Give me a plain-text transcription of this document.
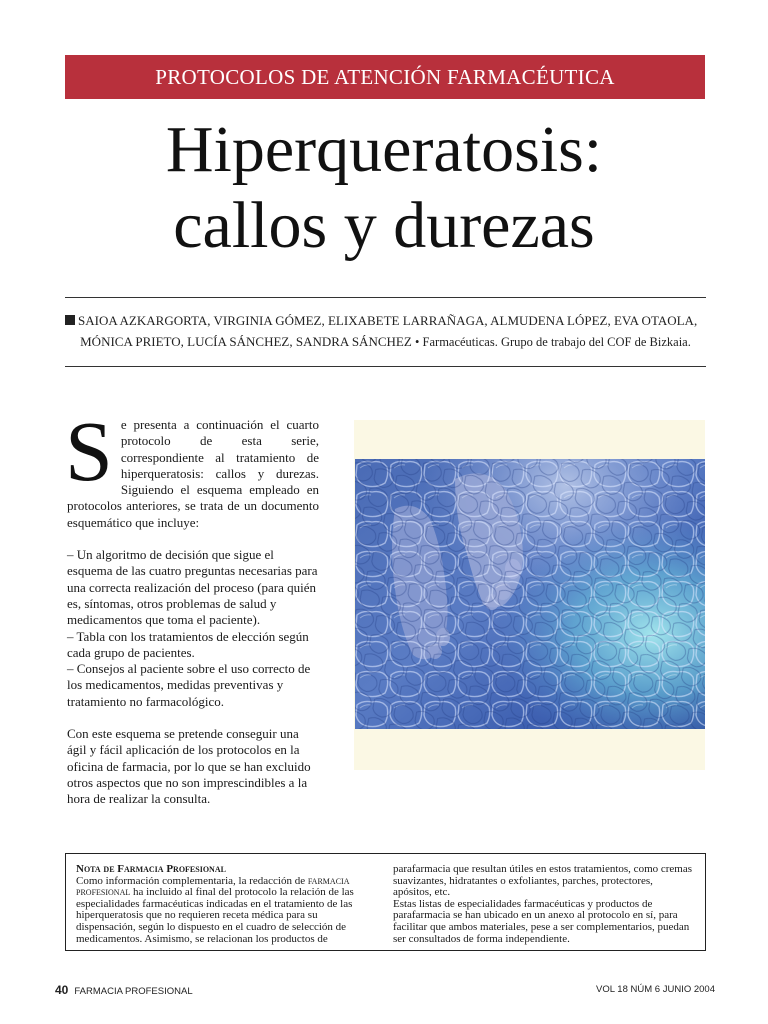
PROTOCOLOS DE ATENCIÓN FARMACÉUTICA
Hiperqueratosis:
callos y durezas
SAIOA AZKARGORTA, VIRGINIA GÓMEZ, ELIXABETE LARRAÑAGA, ALMUDENA LÓPEZ, EVA OTAOLA,
MÓNICA PRIETO, LUCÍA SÁNCHEZ, SANDRA SÁNCHEZ • Farmacéuticas. Grupo de trabajo del COF de Bizkaia.

Se presenta a continuación el cuarto protocolo de esta serie, correspondiente al tratamiento de hiperqueratosis: callos y durezas. Siguiendo el esquema empleado en protocolos anteriores, se trata de un documento esquemático que incluye:

– Un algoritmo de decisión que sigue el esquema de las cuatro preguntas necesarias para una correcta realización del proceso (para quién es, síntomas, otros problemas de salud y medicamentos que toma el paciente).

– Tabla con los tratamientos de elección según cada grupo de pacientes.

– Consejos al paciente sobre el uso correcto de los medicamentos, medidas preventivas y tratamiento no farmacológico.

Con este esquema se pretende conseguir una ágil y fácil aplicación de los protocolos en la oficina de farmacia, por lo que se han excluido otros aspectos que no son imprescindibles a la hora de realizar la consulta.

Nota de Farmacia Profesional
Como información complementaria, la redacción de farmacia profesional ha incluido al final del protocolo la relación de las especialidades farmacéuticas indicadas en el tratamiento de las hiperqueratosis que no requieren receta médica para su dispensación, según lo dispuesto en el cuadro de selección de medicamentos. Asimismo, se relacionan los productos de
parafarmacia que resultan útiles en estos tratamientos, como cremas suavizantes, hidratantes o exfoliantes, parches, protectores, apósitos, etc.
Estas listas de especialidades farmacéuticas y productos de parafarmacia se han ubicado en un anexo al protocolo en sí, para facilitar que ambos materiales, pese a ser complementarios, puedan ser consultados de forma independiente.
40 FARMACIA PROFESIONAL	VOL 18 NÚM 6 JUNIO 2004
